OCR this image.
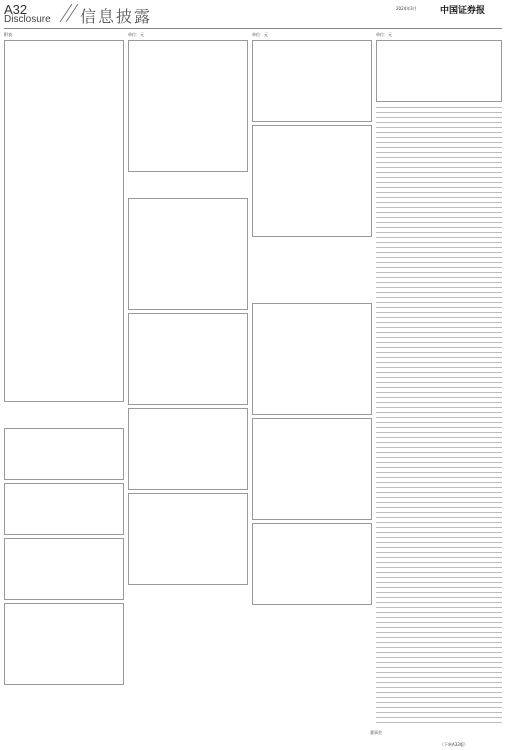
A32
Disclosure 信息披露	2024年3月	中国证券报
附表：	单位：元	单位：元	单位：元
董事会
（下转A33版）
